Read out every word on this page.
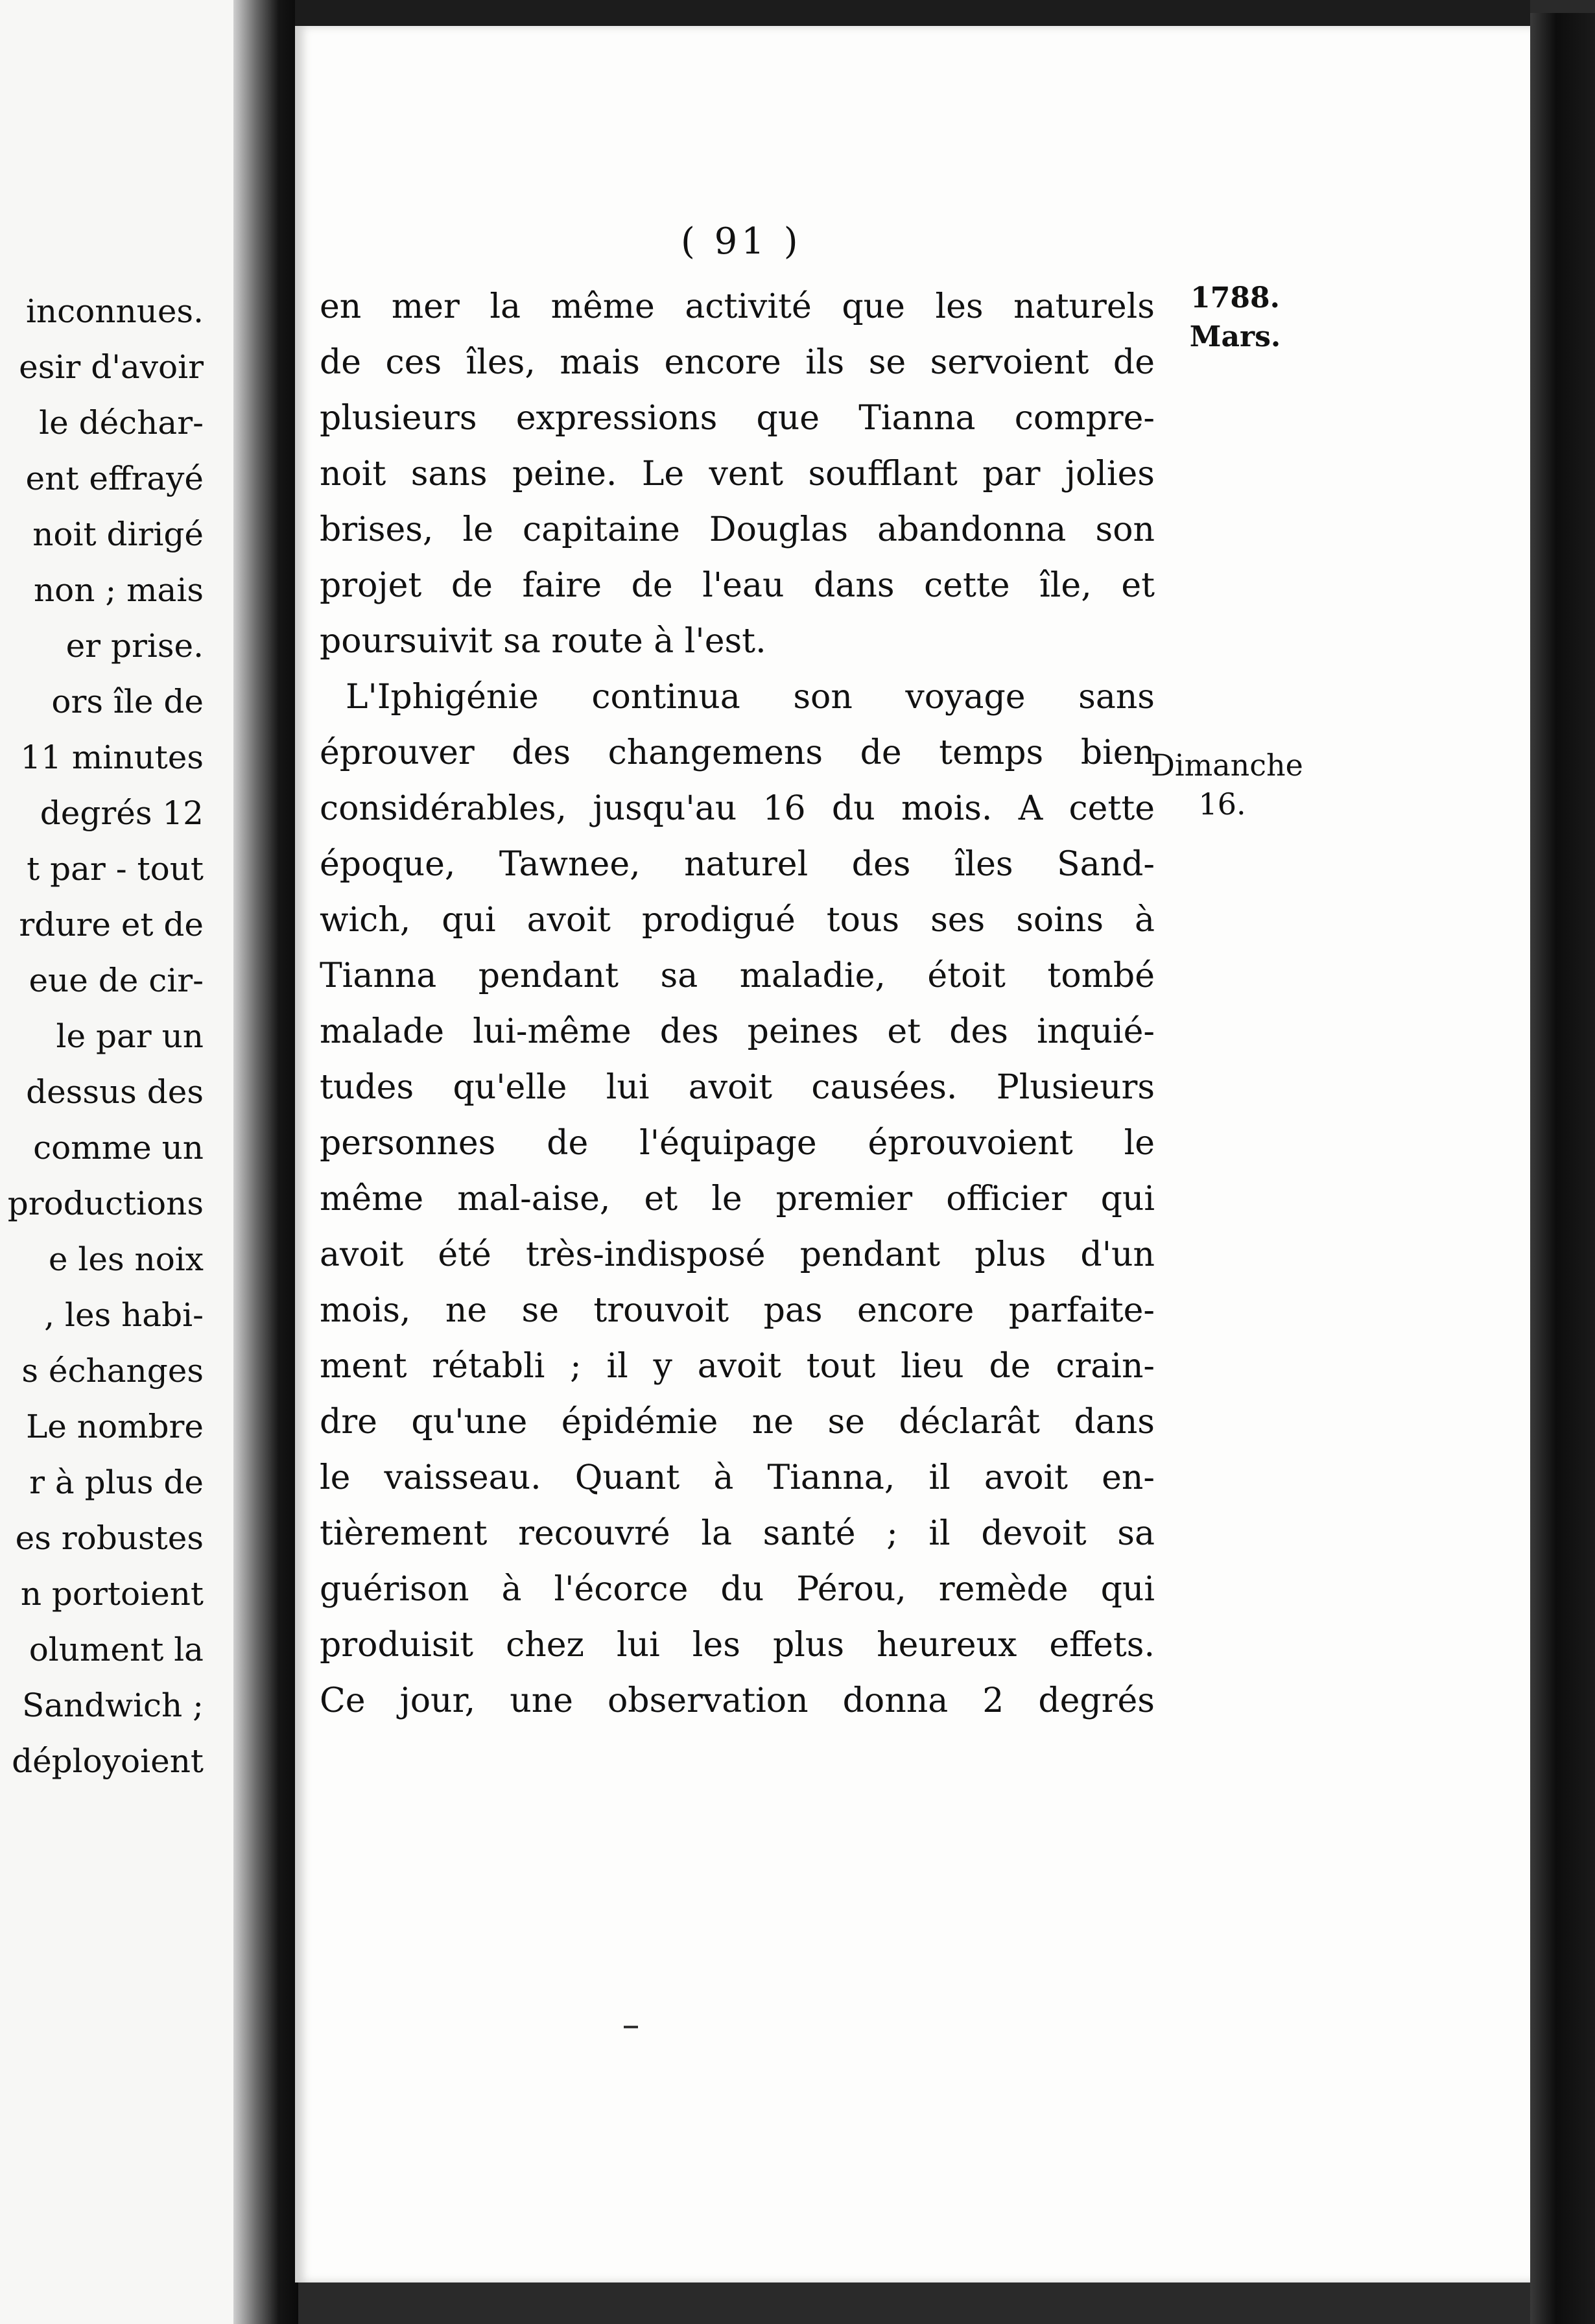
inconnues.
esir d'avoir
le déchar-
ent effrayé
noit dirigé
non ; mais
er prise.
ors île de
11 minutes
degrés 12
t par - tout
rdure et de
eue de cir-
le par un
dessus des
comme un
productions
e les noix
, les habi-
s échanges
Le nombre
r à plus de
es robustes
n portoient
olument la
Sandwich ;
déployoient
( 91 )
1788.
Mars.
Dimanche
16.
en mer la même activité que les naturels
de ces îles, mais encore ils se servoient de
plusieurs expressions que Tianna compre-
noit sans peine. Le vent soufflant par jolies
brises, le capitaine Douglas abandonna son
projet de faire de l'eau dans cette île, et
poursuivit sa route à l'est.
L'Iphigénie continua son voyage sans
éprouver des changemens de temps bien
considérables, jusqu'au 16 du mois. A cette
époque, Tawnee, naturel des îles Sand-
wich, qui avoit prodigué tous ses soins à
Tianna pendant sa maladie, étoit tombé
malade lui-même des peines et des inquié-
tudes qu'elle lui avoit causées. Plusieurs
personnes de l'équipage éprouvoient le
même mal-aise, et le premier officier qui
avoit été très-indisposé pendant plus d'un
mois, ne se trouvoit pas encore parfaite-
ment rétabli ; il y avoit tout lieu de crain-
dre qu'une épidémie ne se déclarât dans
le vaisseau. Quant à Tianna, il avoit en-
tièrement recouvré la santé ; il devoit sa
guérison à l'écorce du Pérou, remède qui
produisit chez lui les plus heureux effets.
Ce jour, une observation donna 2 degrés
